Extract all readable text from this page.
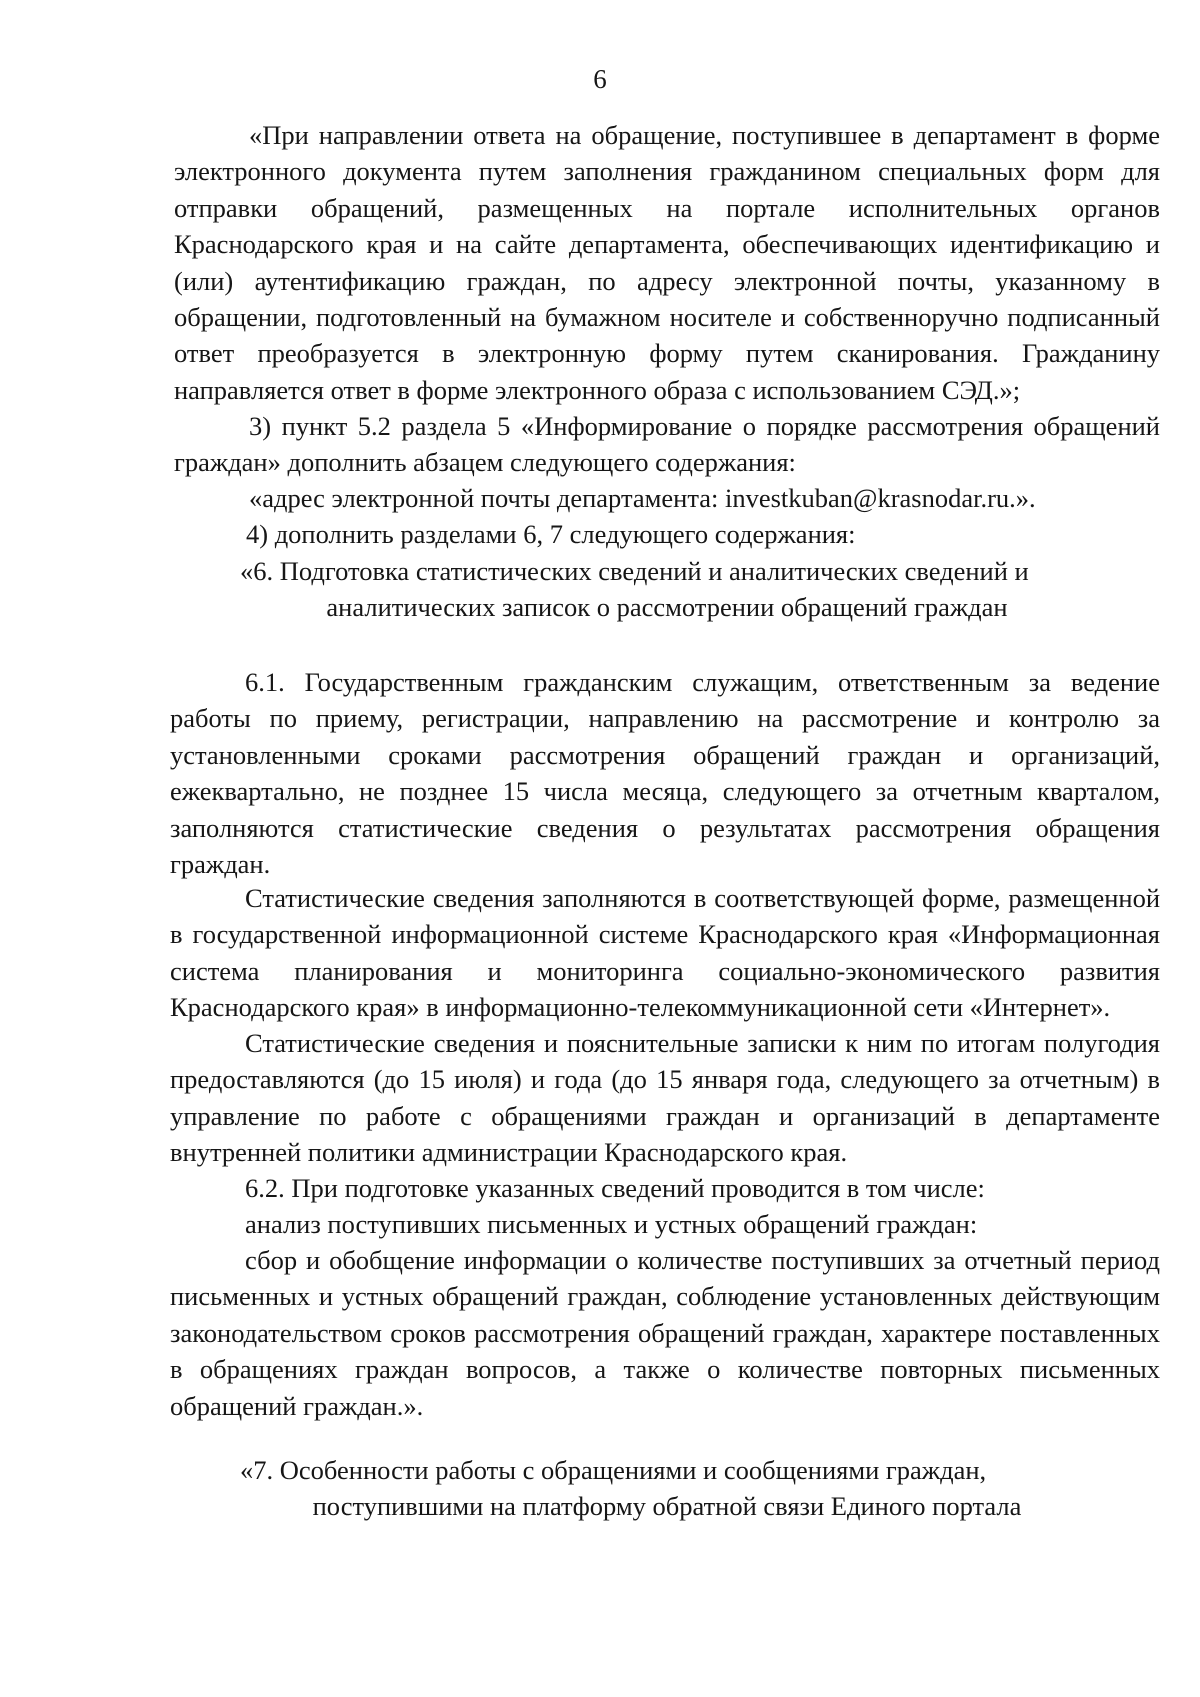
6

«При направлении ответа на обращение, поступившее в департамент в форме электронного документа путем заполнения гражданином специальных форм для отправки обращений, размещенных на портале исполнительных органов Краснодарского края и на сайте департамента, обеспечивающих идентификацию и (или) аутентификацию граждан, по адресу электронной почты, указанному в обращении, подготовленный на бумажном носителе и собственноручно подписанный ответ преобразуется в электронную форму путем сканирования. Гражданину направляется ответ в форме электронного образа с использованием СЭД.»;

3) пункт 5.2 раздела 5 «Информирование о порядке рассмотрения обращений граждан» дополнить абзацем следующего содержания:

«адрес электронной почты департамента: investkuban@krasnodar.ru.».

4) дополнить разделами 6, 7 следующего содержания:

«6. Подготовка статистических сведений и аналитических сведений и
аналитических записок о рассмотрении обращений граждан

6.1. Государственным гражданским служащим, ответственным за ведение работы по приему, регистрации, направлению на рассмотрение и контролю за установленными сроками рассмотрения обращений граждан и организаций, ежеквартально, не позднее 15 числа месяца, следующего за отчетным кварталом, заполняются статистические сведения о результатах рассмотрения обращения граждан.

Статистические сведения заполняются в соответствующей форме, размещенной в государственной информационной системе Краснодарского края «Информационная система планирования и мониторинга социально-экономического развития Краснодарского края» в информационно-телекоммуникационной сети «Интернет».

Статистические сведения и пояснительные записки к ним по итогам полугодия предоставляются (до 15 июля) и года (до 15 января года, следующего за отчетным) в управление по работе с обращениями граждан и организаций в департаменте внутренней политики администрации Краснодарского края.

6.2. При подготовке указанных сведений проводится в том числе:

анализ поступивших письменных и устных обращений граждан:

сбор и обобщение информации о количестве поступивших за отчетный период письменных и устных обращений граждан, соблюдение установленных действующим законодательством сроков рассмотрения обращений граждан, характере поставленных в обращениях граждан вопросов, а также о количестве повторных письменных обращений граждан.».

«7. Особенности работы с обращениями и сообщениями граждан,
поступившими на платформу обратной связи Единого портала
